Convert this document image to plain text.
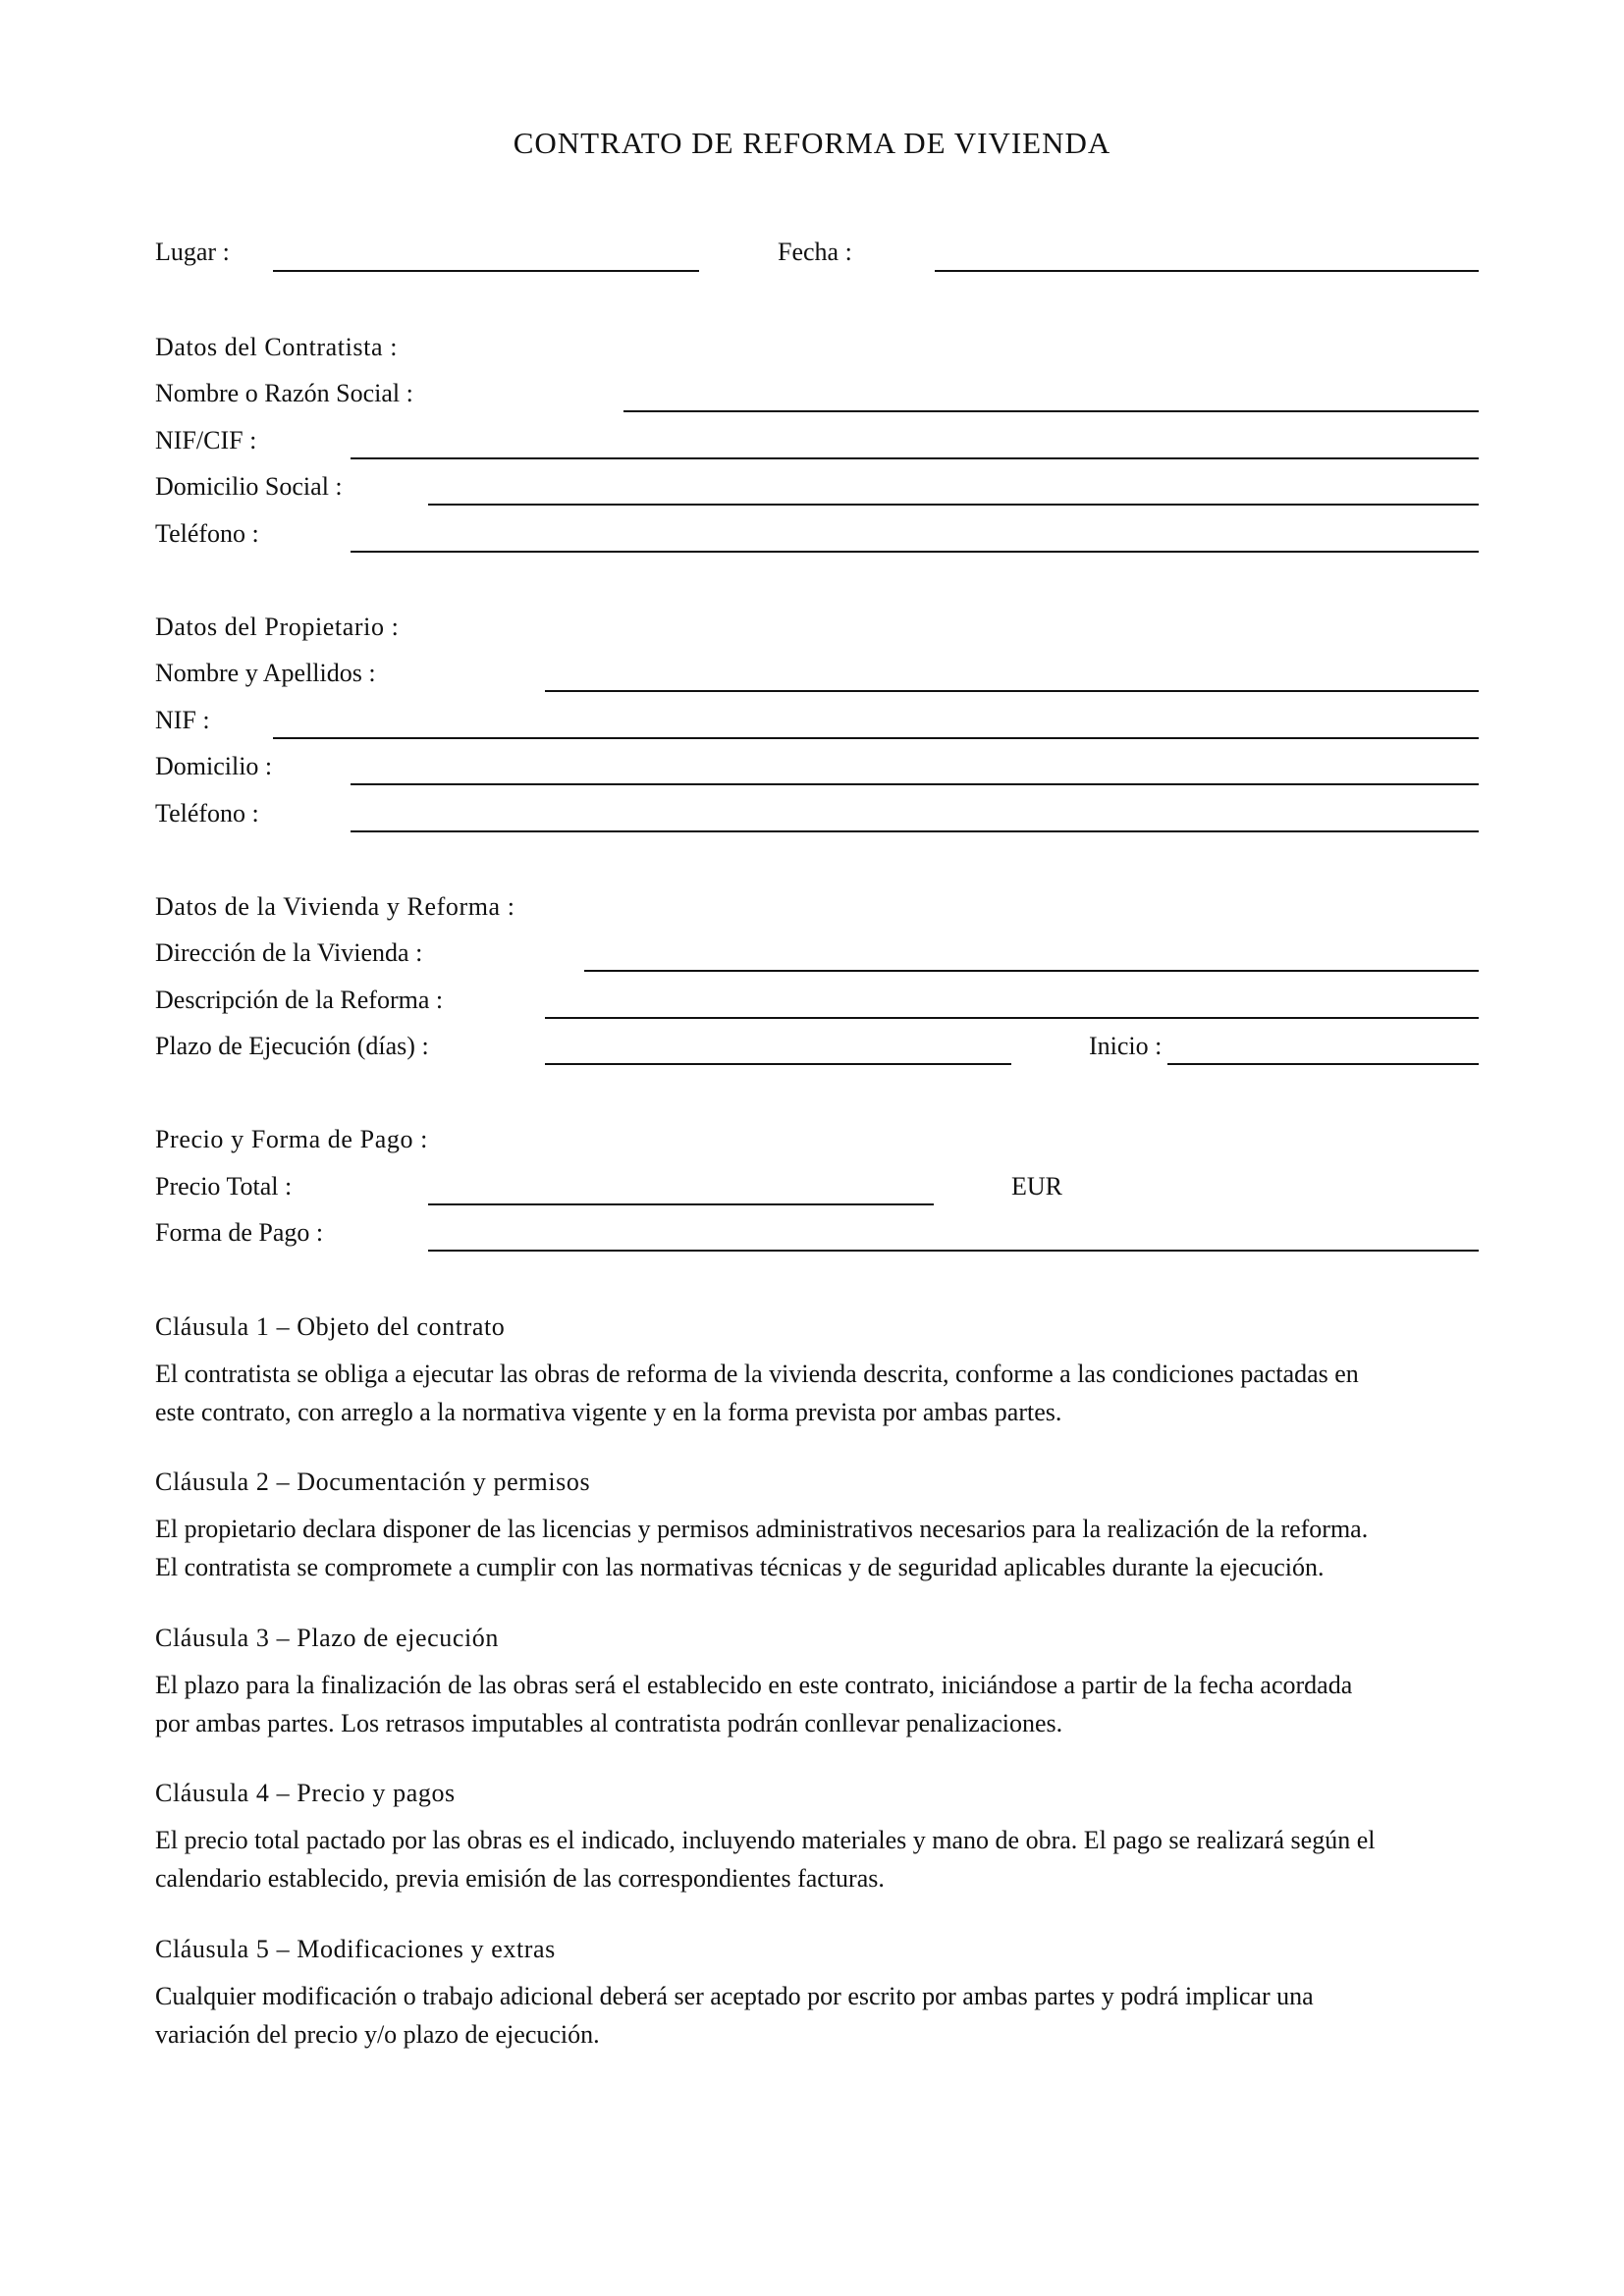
CONTRATO DE REFORMA DE VIVIENDA
Lugar :	Fecha :
Datos del Contratista :
Nombre o Razón Social :
NIF/CIF :
Domicilio Social :
Teléfono :
Datos del Propietario :
Nombre y Apellidos :
NIF :
Domicilio :
Teléfono :
Datos de la Vivienda y Reforma :
Dirección de la Vivienda :
Descripción de la Reforma :
Plazo de Ejecución (días) :	Inicio :
Precio y Forma de Pago :
Precio Total :	EUR
Forma de Pago :
Cláusula 1 – Objeto del contrato

El contratista se obliga a ejecutar las obras de reforma de la vivienda descrita, conforme a las condiciones pactadas en

este contrato, con arreglo a la normativa vigente y en la forma prevista por ambas partes.

Cláusula 2 – Documentación y permisos

El propietario declara disponer de las licencias y permisos administrativos necesarios para la realización de la reforma.

El contratista se compromete a cumplir con las normativas técnicas y de seguridad aplicables durante la ejecución.

Cláusula 3 – Plazo de ejecución

El plazo para la finalización de las obras será el establecido en este contrato, iniciándose a partir de la fecha acordada

por ambas partes. Los retrasos imputables al contratista podrán conllevar penalizaciones.

Cláusula 4 – Precio y pagos

El precio total pactado por las obras es el indicado, incluyendo materiales y mano de obra. El pago se realizará según el

calendario establecido, previa emisión de las correspondientes facturas.

Cláusula 5 – Modificaciones y extras

Cualquier modificación o trabajo adicional deberá ser aceptado por escrito por ambas partes y podrá implicar una

variación del precio y/o plazo de ejecución.
